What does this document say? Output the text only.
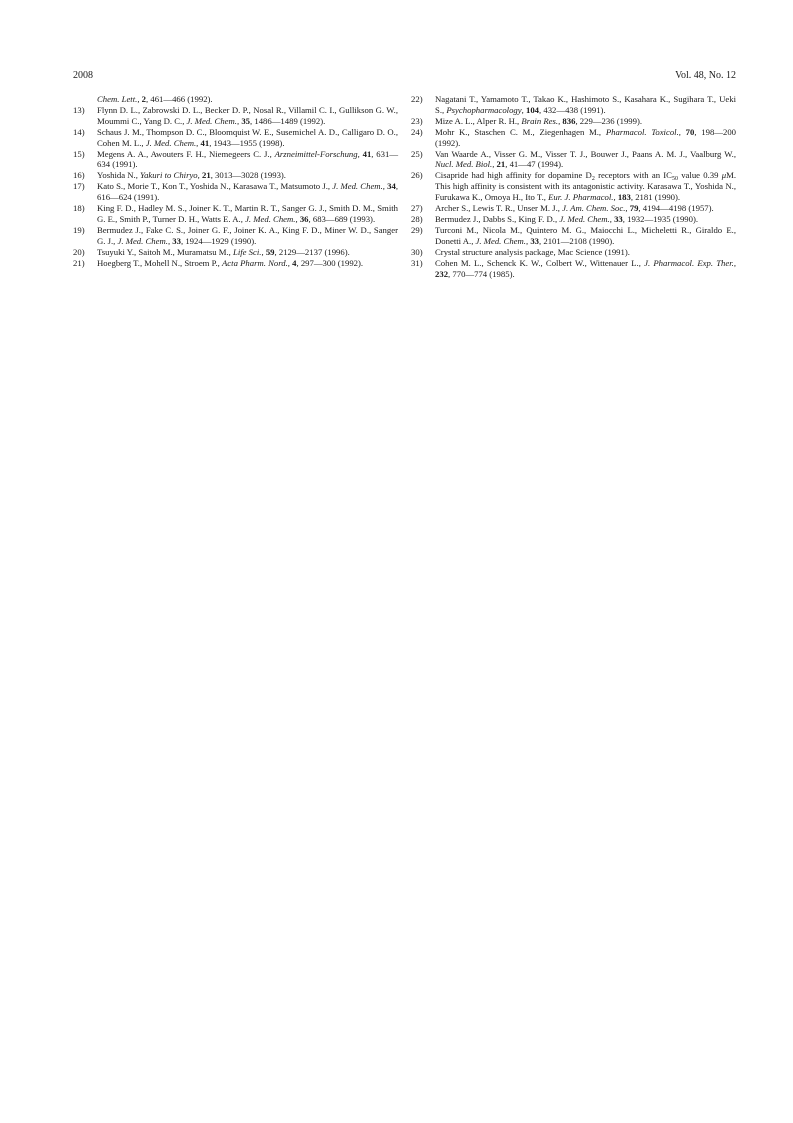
2008	Vol. 48, No. 12
Chem. Lett., 2, 461—466 (1992).
13)	Flynn D. L., Zabrowski D. L., Becker D. P., Nosal R., Villamil C. I., Gullikson G. W., Moummi C., Yang D. C., J. Med. Chem., 35, 1486—1489 (1992).
14)	Schaus J. M., Thompson D. C., Bloomquist W. E., Susemichel A. D., Calligaro D. O., Cohen M. L., J. Med. Chem., 41, 1943—1955 (1998).
15)	Megens A. A., Awouters F. H., Niemegeers C. J., Arzneimittel-Forschung, 41, 631—634 (1991).
16)	Yoshida N., Yakuri to Chiryo, 21, 3013—3028 (1993).
17)	Kato S., Morie T., Kon T., Yoshida N., Karasawa T., Matsumoto J., J. Med. Chem., 34, 616—624 (1991).
18)	King F. D., Hadley M. S., Joiner K. T., Martin R. T., Sanger G. J., Smith D. M., Smith G. E., Smith P., Turner D. H., Watts E. A., J. Med. Chem., 36, 683—689 (1993).
19)	Bermudez J., Fake C. S., Joiner G. F., Joiner K. A., King F. D., Miner W. D., Sanger G. J., J. Med. Chem., 33, 1924—1929 (1990).
20)	Tsuyuki Y., Saitoh M., Muramatsu M., Life Sci., 59, 2129—2137 (1996).
21)	Hoegberg T., Mohell N., Stroem P., Acta Pharm. Nord., 4, 297—300 (1992).
22)	Nagatani T., Yamamoto T., Takao K., Hashimoto S., Kasahara K., Sugihara T., Ueki S., Psychopharmacology, 104, 432—438 (1991).
23)	Mize A. L., Alper R. H., Brain Res., 836, 229—236 (1999).
24)	Mohr K., Staschen C. M., Ziegenhagen M., Pharmacol. Toxicol., 70, 198—200 (1992).
25)	Van Waarde A., Visser G. M., Visser T. J., Bouwer J., Paans A. M. J., Vaalburg W., Nucl. Med. Biol., 21, 41—47 (1994).
26)	Cisapride had high affinity for dopamine $D_2$ receptors with an $IC_{50}$ value 0.39 μM. This high affinity is consistent with its antagonistic activity. Karasawa T., Yoshida N., Furukawa K., Omoya H., Ito T., Eur. J. Pharmacol., 183, 2181 (1990).
27)	Archer S., Lewis T. R., Unser M. J., J. Am. Chem. Soc., 79, 4194—4198 (1957).
28)	Bermudez J., Dabbs S., King F. D., J. Med. Chem., 33, 1932—1935 (1990).
29)	Turconi M., Nicola M., Quintero M. G., Maiocchi L., Micheletti R., Giraldo E., Donetti A., J. Med. Chem., 33, 2101—2108 (1990).
30)	Crystal structure analysis package, Mac Science (1991).
31)	Cohen M. L., Schenck K. W., Colbert W., Wittenauer L., J. Pharmacol. Exp. Ther., 232, 770—774 (1985).
